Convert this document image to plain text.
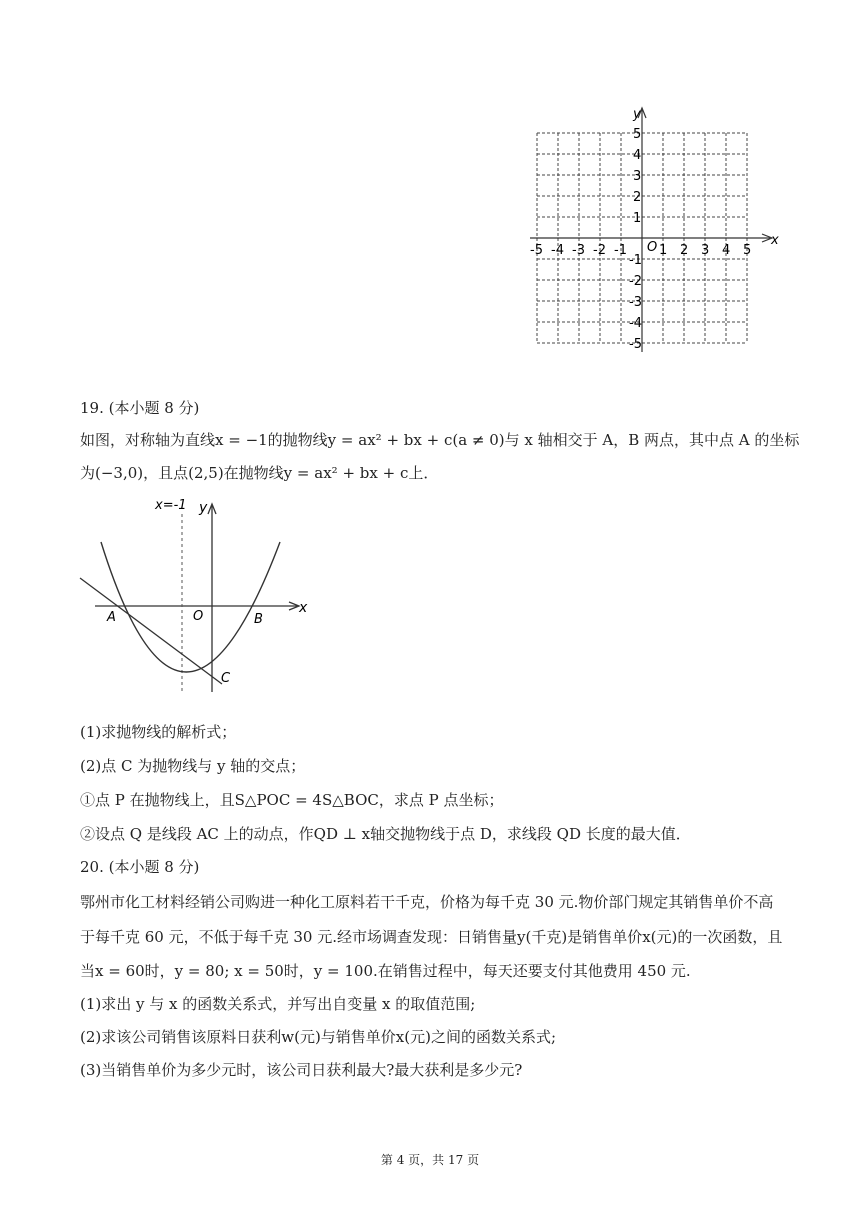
x
y
O
-5 -4 -3 -2 -1 1 2 3 4 5
5
4
3
2
1
-1
-2
-3
-4
-5
19. (本小题 8 分)
如图，对称轴为直线x = −1的抛物线y = ax² + bx + c(a ≠ 0)与 x 轴相交于 A，B 两点，其中点 A 的坐标
为(−3,0)，且点(2,5)在抛物线y = ax² + bx + c上．
x=-1 y
x
O
A	B
C
(1)求抛物线的解析式；
(2)点 C 为抛物线与 y 轴的交点；
①点 P 在抛物线上，且S△POC = 4S△BOC，求点 P 点坐标；
②设点 Q 是线段 AC 上的动点，作QD ⊥ x轴交抛物线于点 D，求线段 QD 长度的最大值．
20. (本小题 8 分)
鄂州市化工材料经销公司购进一种化工原料若干千克，价格为每千克 30 元.物价部门规定其销售单价不高
于每千克 60 元，不低于每千克 30 元.经市场调查发现：日销售量y(千克)是销售单价x(元)的一次函数，且
当x = 60时，y = 80; x = 50时，y = 100.在销售过程中，每天还要支付其他费用 450 元.
(1)求出 y 与 x 的函数关系式，并写出自变量 x 的取值范围;
(2)求该公司销售该原料日获利w(元)与销售单价x(元)之间的函数关系式;
(3)当销售单价为多少元时，该公司日获利最大?最大获利是多少元?
第 4 页，共 17 页
